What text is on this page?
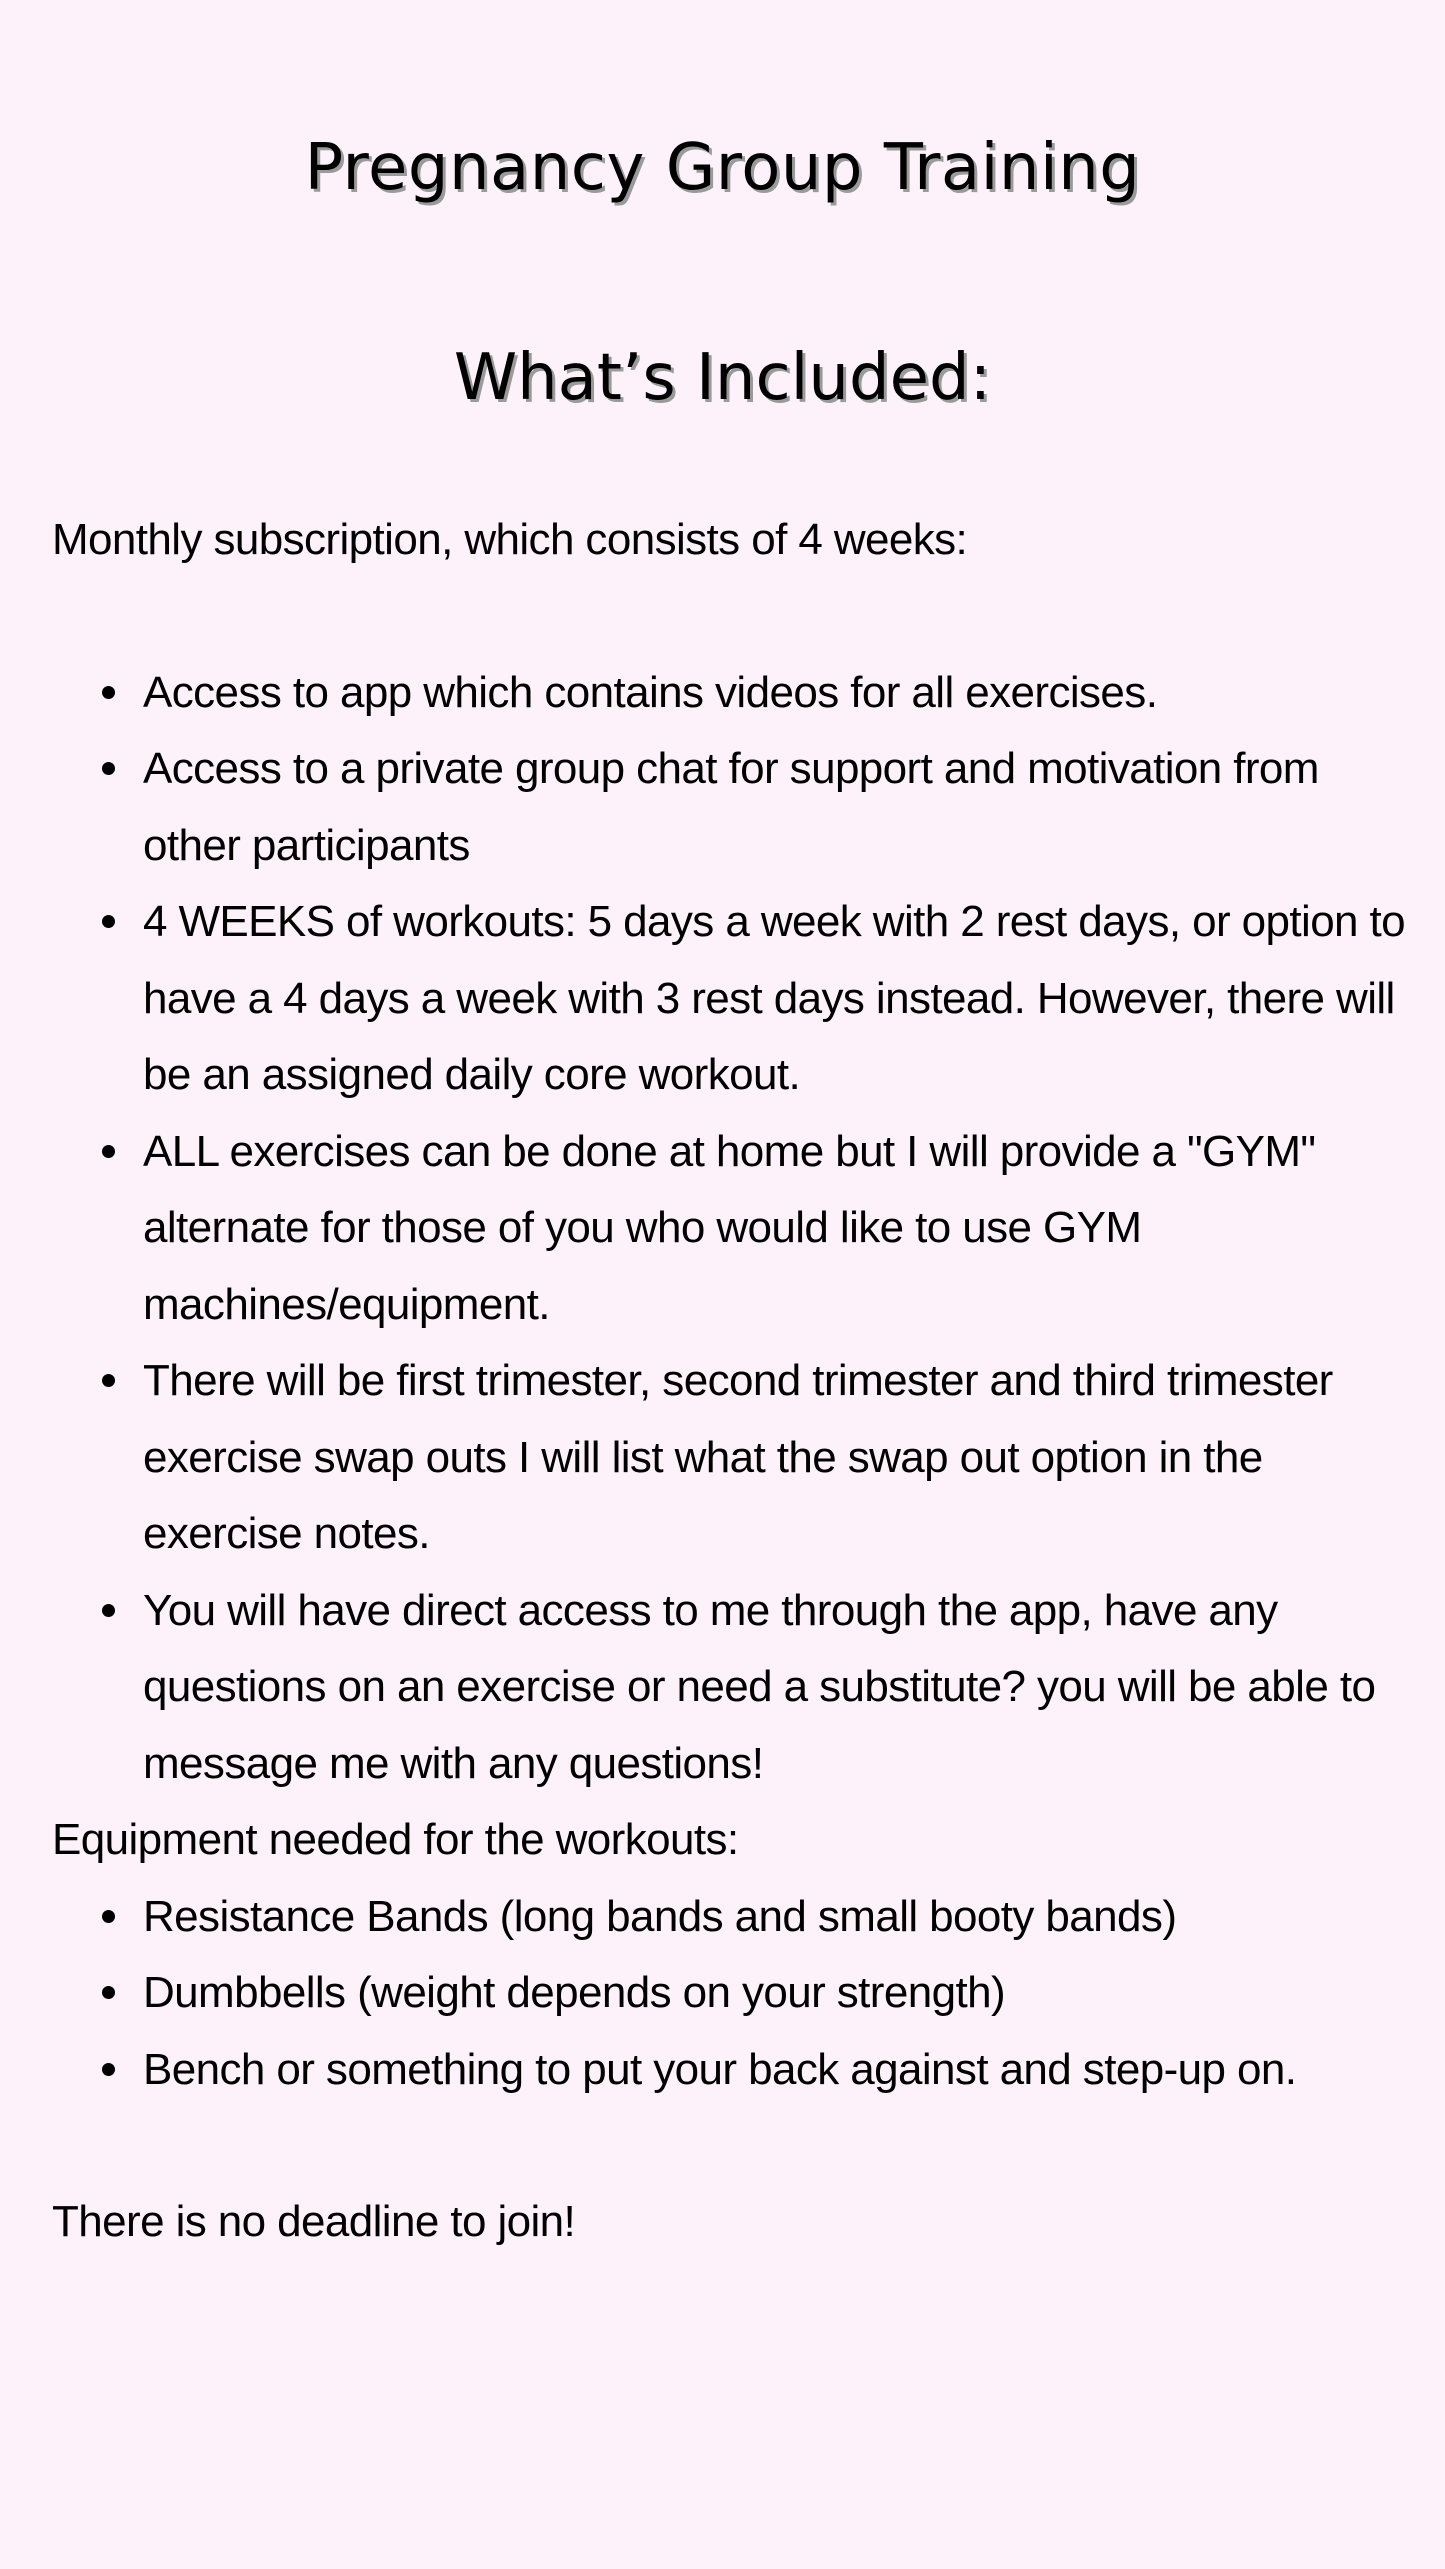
Pregnancy Group Training
What’s Included:

Monthly subscription, which consists of 4 weeks:

Access to app which contains videos for all exercises.
Access to a private group chat for support and motivation from other participants
4 WEEKS of workouts: 5 days a week with 2 rest days, or option to have a 4 days a week with 3 rest days instead. However, there will be an assigned daily core workout.
ALL exercises can be done at home but I will provide a "GYM" alternate for those of you who would like to use GYM machines/equipment.
There will be first trimester, second trimester and third trimester exercise swap outs I will list what the swap out option in the exercise notes.
You will have direct access to me through the app, have any questions on an exercise or need a substitute? you will be able to message me with any questions!

Equipment needed for the workouts:

Resistance Bands (long bands and small booty bands)
Dumbbells (weight depends on your strength)
Bench or something to put your back against and step-up on.

There is no deadline to join!
